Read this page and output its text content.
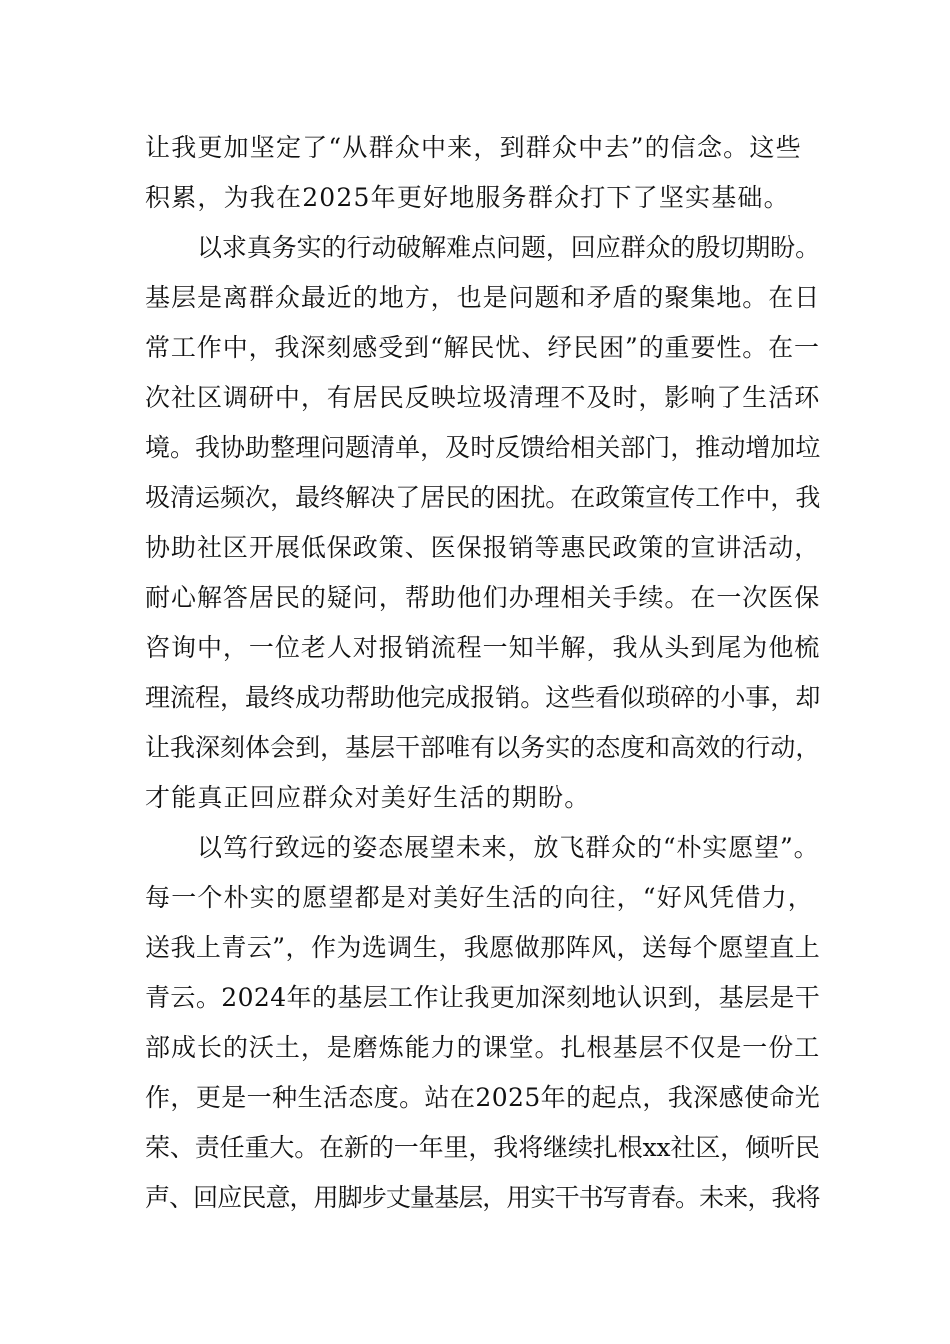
让我更加坚定了“从群众中来，到群众中去”的信念。这些

积累，为我在2025年更好地服务群众打下了坚实基础。

以求真务实的行动破解难点问题，回应群众的殷切期盼。

基层是离群众最近的地方，也是问题和矛盾的聚集地。在日

常工作中，我深刻感受到“解民忧、纾民困”的重要性。在一

次社区调研中，有居民反映垃圾清理不及时，影响了生活环

境。我协助整理问题清单，及时反馈给相关部门，推动增加垃

圾清运频次，最终解决了居民的困扰。在政策宣传工作中，我

协助社区开展低保政策、医保报销等惠民政策的宣讲活动，

耐心解答居民的疑问，帮助他们办理相关手续。在一次医保

咨询中，一位老人对报销流程一知半解，我从头到尾为他梳

理流程，最终成功帮助他完成报销。这些看似琐碎的小事，却

让我深刻体会到，基层干部唯有以务实的态度和高效的行动，

才能真正回应群众对美好生活的期盼。

以笃行致远的姿态展望未来，放飞群众的“朴实愿望”。

每一个朴实的愿望都是对美好生活的向往，“好风凭借力，

送我上青云”，作为选调生，我愿做那阵风，送每个愿望直上

青云。2024年的基层工作让我更加深刻地认识到，基层是干

部成长的沃土，是磨炼能力的课堂。扎根基层不仅是一份工

作，更是一种生活态度。站在2025年的起点，我深感使命光

荣、责任重大。在新的一年里，我将继续扎根xx社区，倾听民

声、回应民意，用脚步丈量基层，用实干书写青春。未来，我将
